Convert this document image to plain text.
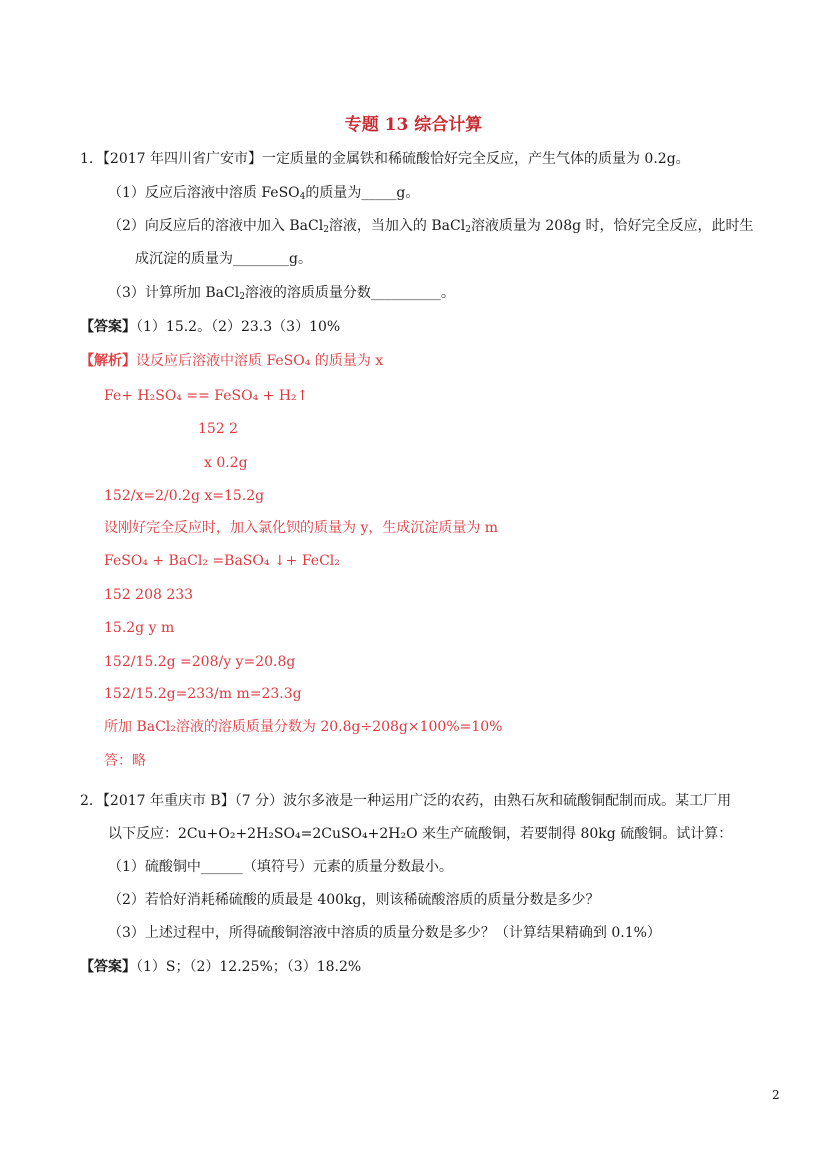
专题 13 综合计算
1．【2017 年四川省广安市】一定质量的金属铁和稀硫酸恰好完全反应，产生气体的质量为 0.2g。
（1）反应后溶液中溶质 FeSO$_4$的质量为_____g。
（2）向反应后的溶液中加入 BaCl$_2$溶液，当加入的 BaCl$_2$溶液质量为 208g 时，恰好完全反应，此时生
成沉淀的质量为________g。
（3）计算所加 BaCl$_2$溶液的溶质质量分数__________。
【答案】（1）15.2。（2）23.3（3）10%
【解析】设反应后溶液中溶质 FeSO₄ 的质量为 x
Fe+ H₂SO₄ == FeSO₄ + H₂↑
152 2
x 0.2g
152/x=2/0.2g x=15.2g
设刚好完全反应时，加入氯化钡的质量为 y，生成沉淀质量为 m
FeSO₄ + BaCl₂ =BaSO₄ ↓+ FeCl₂
152 208 233
15.2g y m
152/15.2g =208/y y=20.8g
152/15.2g=233/m m=23.3g
所加 BaCl₂溶液的溶质质量分数为 20.8g÷208g×100%=10%
答：略
2．【2017 年重庆市 B】（7 分）波尔多液是一种运用广泛的农药，由熟石灰和硫酸铜配制而成。某工厂用
以下反应：2Cu+O₂+2H₂SO₄=2CuSO₄+2H₂O 来生产硫酸铜，若要制得 80kg 硫酸铜。试计算：
（1）硫酸铜中______（填符号）元素的质量分数最小。
（2）若恰好消耗稀硫酸的质最是 400kg，则该稀硫酸溶质的质量分数是多少？
（3）上述过程中，所得硫酸铜溶液中溶质的质量分数是多少？（计算结果精确到 0.1%）
【答案】（1）S；（2）12.25%；（3）18.2%
2
